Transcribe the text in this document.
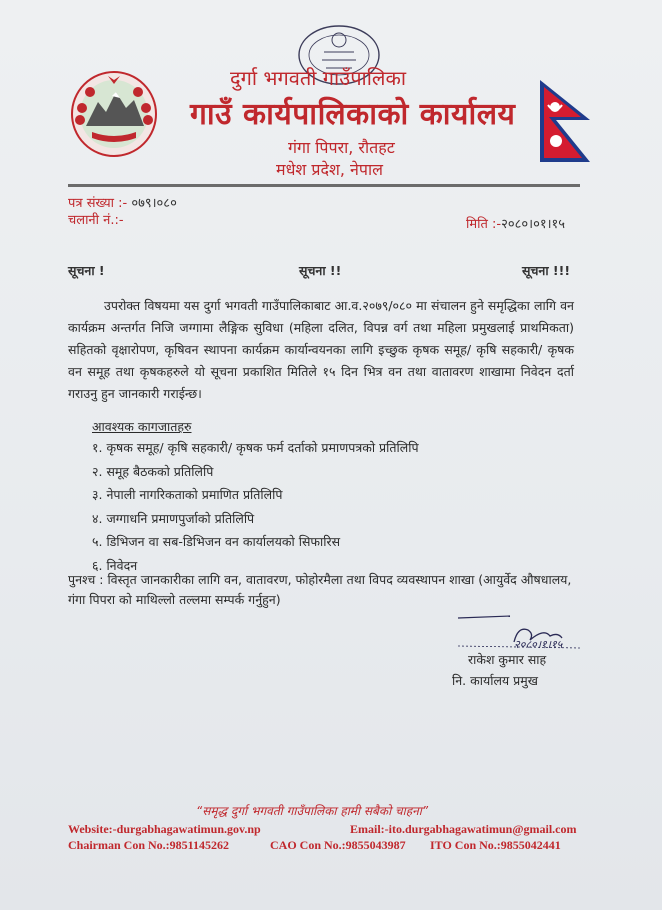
दुर्गा भगवती गाउँपालिका
गाउँ कार्यपालिकाको कार्यालय
गंगा पिपरा, रौतहट
मधेश प्रदेश, नेपाल
पत्र संख्या :- ०७९।०८०
चलानी नं.:-	मिति :-२०८०।०१।१५
सूचना !	सूचना !!	सूचना !!!
उपरोक्त विषयमा यस दुर्गा भगवती गाउँपालिकाबाट आ.व.२०७९/०८० मा संचालन हुने समृद्धिका लागि वन कार्यक्रम अन्तर्गत निजि जग्गामा लैङ्गिक सुविधा (महिला दलित, विपन्न वर्ग तथा महिला प्रमुखलाई प्राथमिकता) सहितको वृक्षारोपण, कृषिवन स्थापना कार्यक्रम कार्यान्वयनका लागि इच्छुक कृषक समूह/ कृषि सहकारी/ कृषक वन समूह तथा कृषकहरुले यो सूचना प्रकाशित मितिले १५ दिन भित्र वन तथा वातावरण शाखामा निवेदन दर्ता गराउनु हुन जानकारी गराईन्छ।
आवश्यक कागजातहरु
१. कृषक समूह/ कृषि सहकारी/ कृषक फर्म दर्ताको प्रमाणपत्रको प्रतिलिपि
२. समूह बैठकको प्रतिलिपि
३. नेपाली नागरिकताको प्रमाणित प्रतिलिपि
४. जग्गाधनि प्रमाणपुर्जाको प्रतिलिपि
५. डिभिजन वा सब-डिभिजन वन कार्यालयको सिफारिस
६. निवेदन
पुनश्च : विस्तृत जानकारीका लागि वन, वातावरण, फोहोरमैला तथा विपद व्यवस्थापन शाखा (आयुर्वेद औषधालय, गंगा पिपरा को माथिल्लो तल्लमा सम्पर्क गर्नुहुन)
२०८०।१।१५
राकेश कुमार साह
नि. कार्यालय प्रमुख
“समृद्ध दुर्गा भगवती गाउँपालिका हामी सबैको चाहना”
Website:-durgabhagawatimun.gov.np	Email:-ito.durgabhagawatimun@gmail.com
Chairman Con No.:9851145262	CAO Con No.:9855043987 ITO Con No.:9855042441
